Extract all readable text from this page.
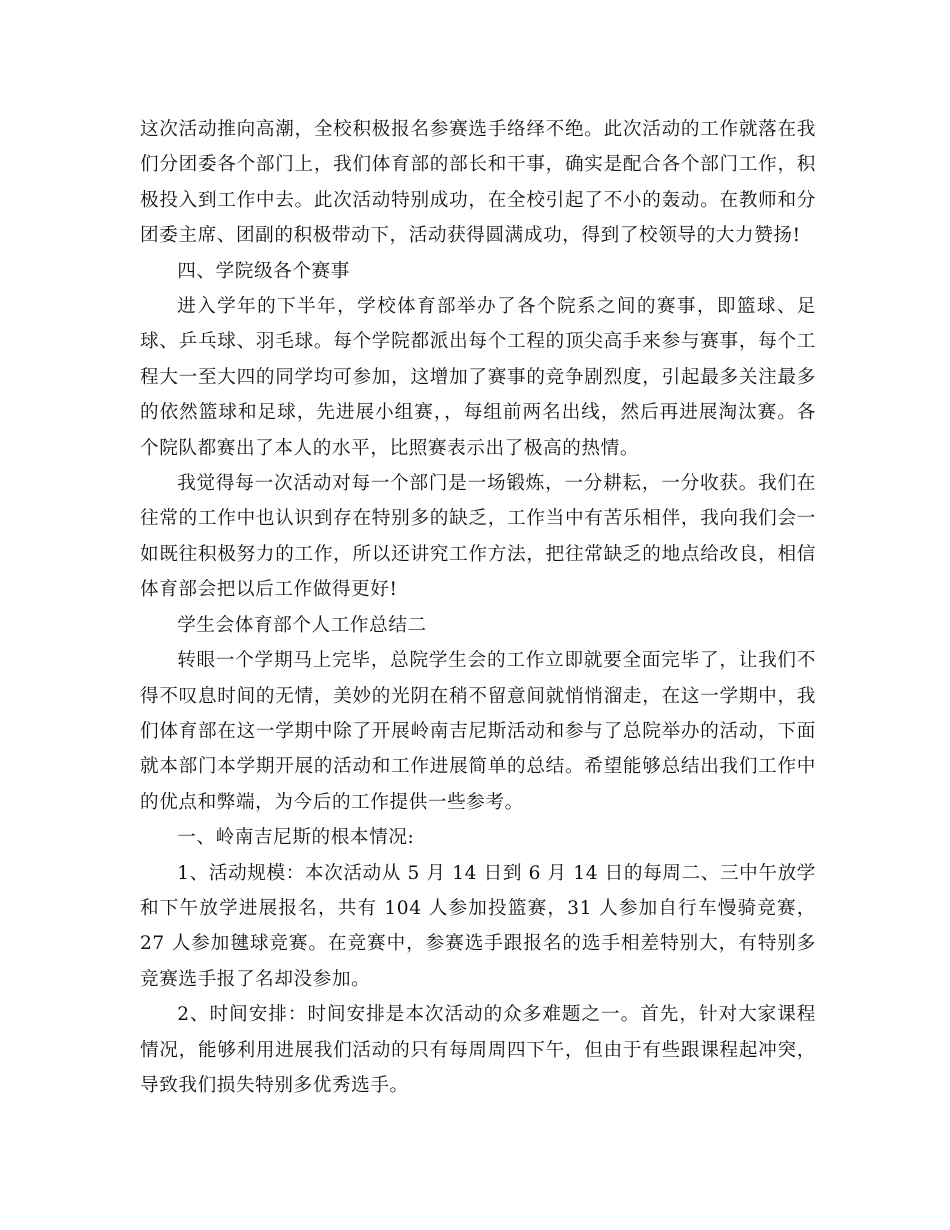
这次活动推向高潮，全校积极报名参赛选手络绎不绝。此次活动的工作就落在我们分团委各个部门上，我们体育部的部长和干事，确实是配合各个部门工作，积极投入到工作中去。此次活动特别成功，在全校引起了不小的轰动。在教师和分团委主席、团副的积极带动下，活动获得圆满成功，得到了校领导的大力赞扬!

四、学院级各个赛事

进入学年的下半年，学校体育部举办了各个院系之间的赛事，即篮球、足球、乒乓球、羽毛球。每个学院都派出每个工程的顶尖高手来参与赛事，每个工程大一至大四的同学均可参加，这增加了赛事的竞争剧烈度，引起最多关注最多的依然篮球和足球，先进展小组赛，，每组前两名出线，然后再进展淘汰赛。各个院队都赛出了本人的水平，比照赛表示出了极高的热情。

我觉得每一次活动对每一个部门是一场锻炼，一分耕耘，一分收获。我们在往常的工作中也认识到存在特别多的缺乏，工作当中有苦乐相伴，我向我们会一如既往积极努力的工作，所以还讲究工作方法，把往常缺乏的地点给改良，相信体育部会把以后工作做得更好!

学生会体育部个人工作总结二

转眼一个学期马上完毕，总院学生会的工作立即就要全面完毕了，让我们不得不叹息时间的无情，美妙的光阴在稍不留意间就悄悄溜走，在这一学期中，我们体育部在这一学期中除了开展岭南吉尼斯活动和参与了总院举办的活动，下面就本部门本学期开展的活动和工作进展简单的总结。希望能够总结出我们工作中的优点和弊端，为今后的工作提供一些参考。

一、岭南吉尼斯的根本情况:

1、活动规模：本次活动从 5 月 14 日到 6 月 14 日的每周二、三中午放学和下午放学进展报名，共有 104 人参加投篮赛，31 人参加自行车慢骑竞赛，27 人参加毽球竞赛。在竞赛中，参赛选手跟报名的选手相差特别大，有特别多竞赛选手报了名却没参加。

2、时间安排：时间安排是本次活动的众多难题之一。首先，针对大家课程情况，能够利用进展我们活动的只有每周周四下午，但由于有些跟课程起冲突，导致我们损失特别多优秀选手。
